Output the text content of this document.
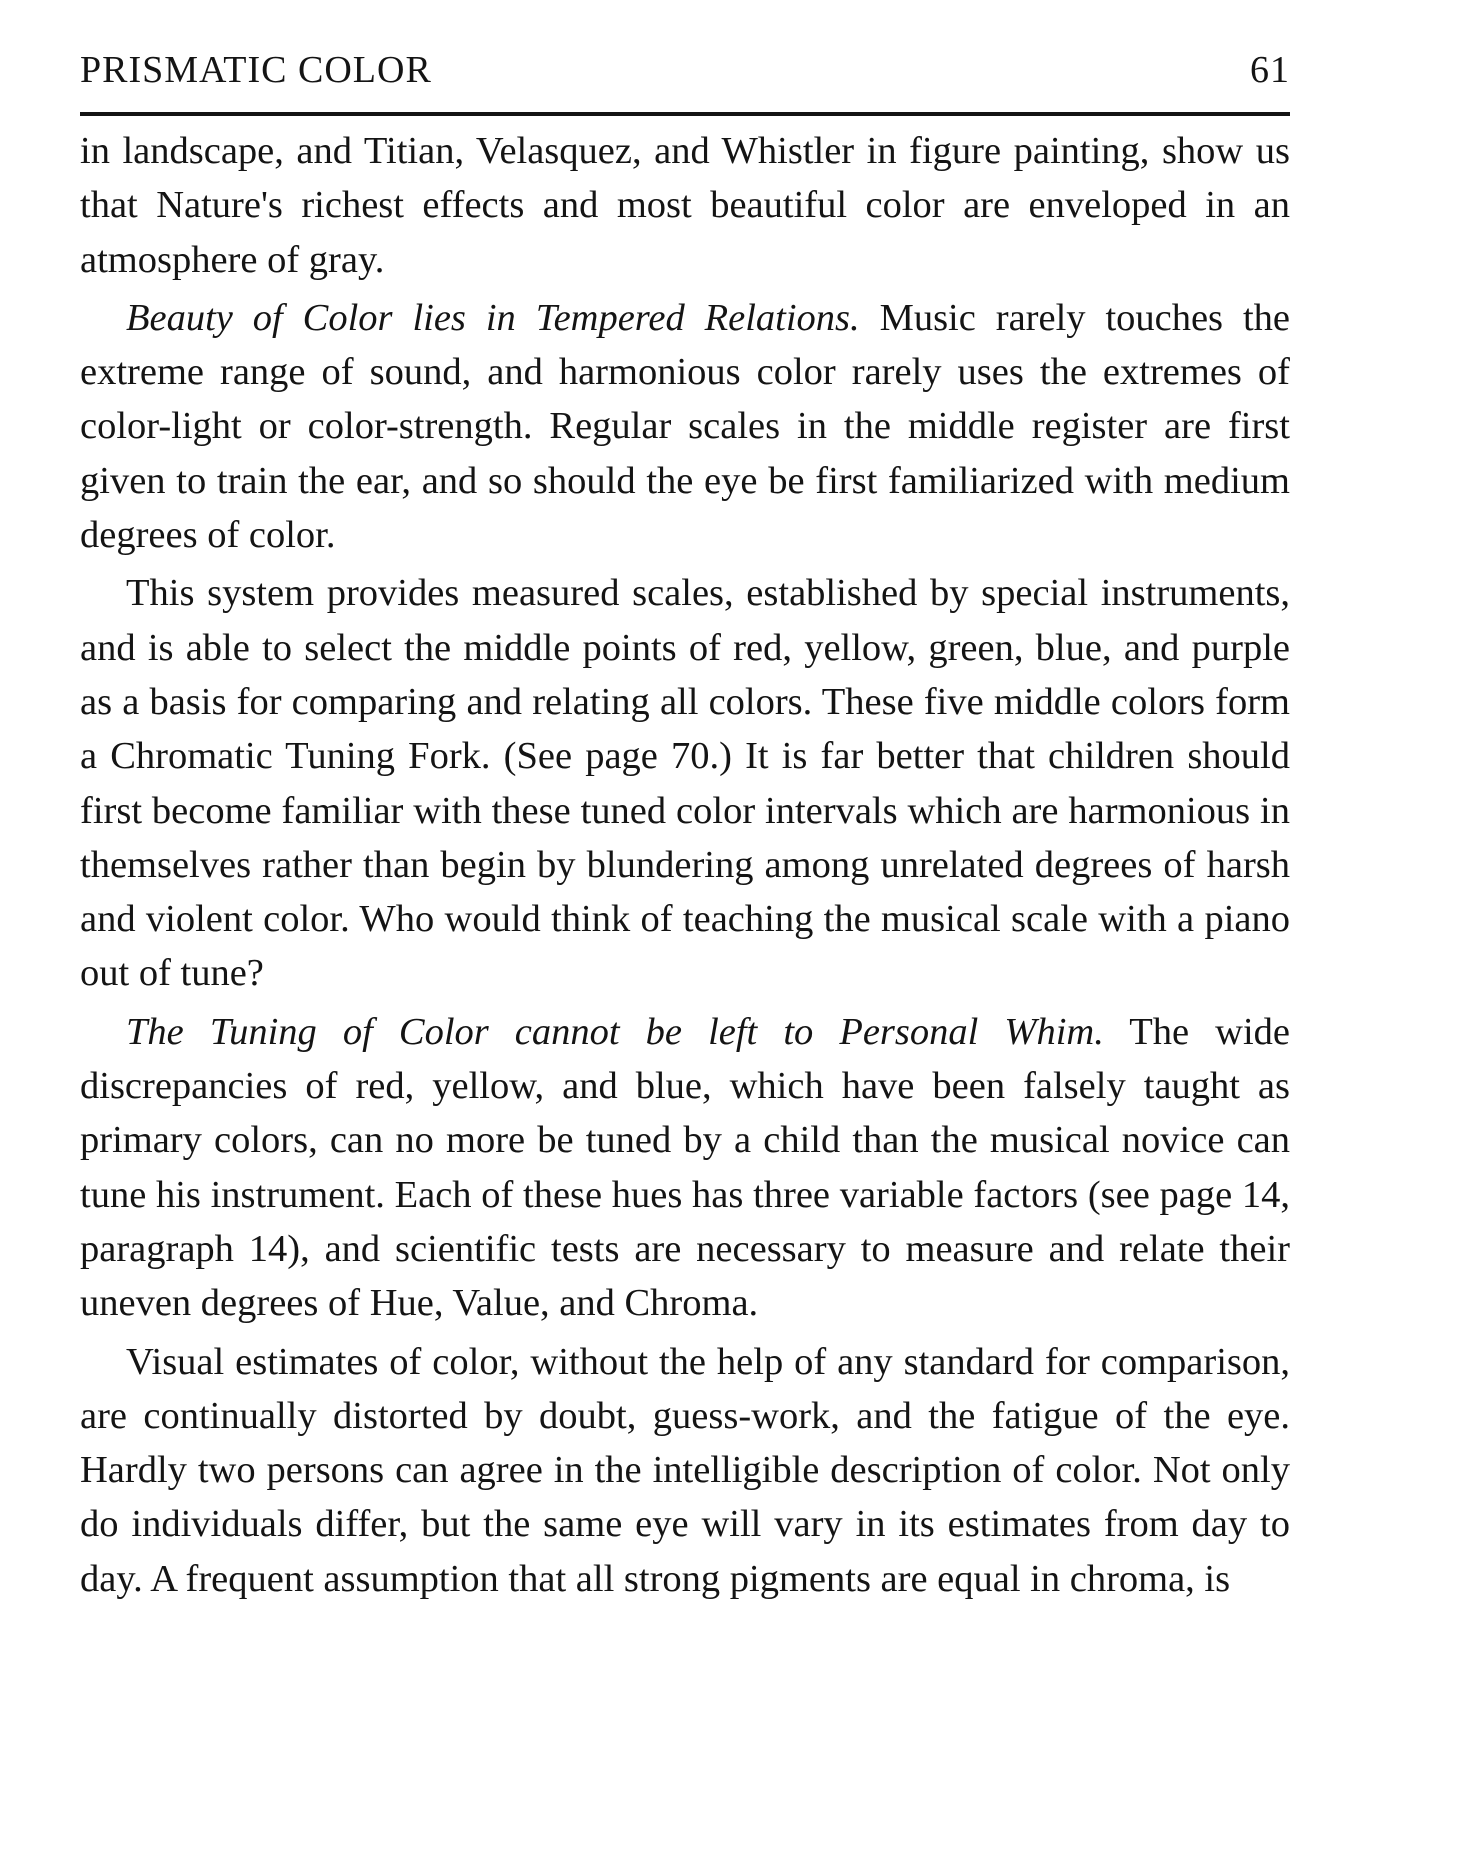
PRISMATIC COLOR	61

in landscape, and Titian, Velasquez, and Whistler in figure painting, show us that Nature's richest effects and most beautiful color are enveloped in an atmosphere of gray.

Beauty of Color lies in Tempered Relations. Music rarely touches the extreme range of sound, and harmonious color rarely uses the extremes of color-light or color-strength. Regular scales in the middle register are first given to train the ear, and so should the eye be first familiarized with medium degrees of color.

This system provides measured scales, established by special instruments, and is able to select the middle points of red, yellow, green, blue, and purple as a basis for comparing and relating all colors. These five middle colors form a Chromatic Tuning Fork. (See page 70.) It is far better that children should first become familiar with these tuned color intervals which are harmonious in themselves rather than begin by blundering among unrelated degrees of harsh and violent color. Who would think of teaching the musical scale with a piano out of tune?

The Tuning of Color cannot be left to Personal Whim. The wide discrepancies of red, yellow, and blue, which have been falsely taught as primary colors, can no more be tuned by a child than the musical novice can tune his instrument. Each of these hues has three variable factors (see page 14, paragraph 14), and scientific tests are necessary to measure and relate their uneven degrees of Hue, Value, and Chroma.

Visual estimates of color, without the help of any standard for comparison, are continually distorted by doubt, guess-work, and the fatigue of the eye. Hardly two persons can agree in the intelligible description of color. Not only do individuals differ, but the same eye will vary in its estimates from day to day. A frequent assumption that all strong pigments are equal in chroma, is
